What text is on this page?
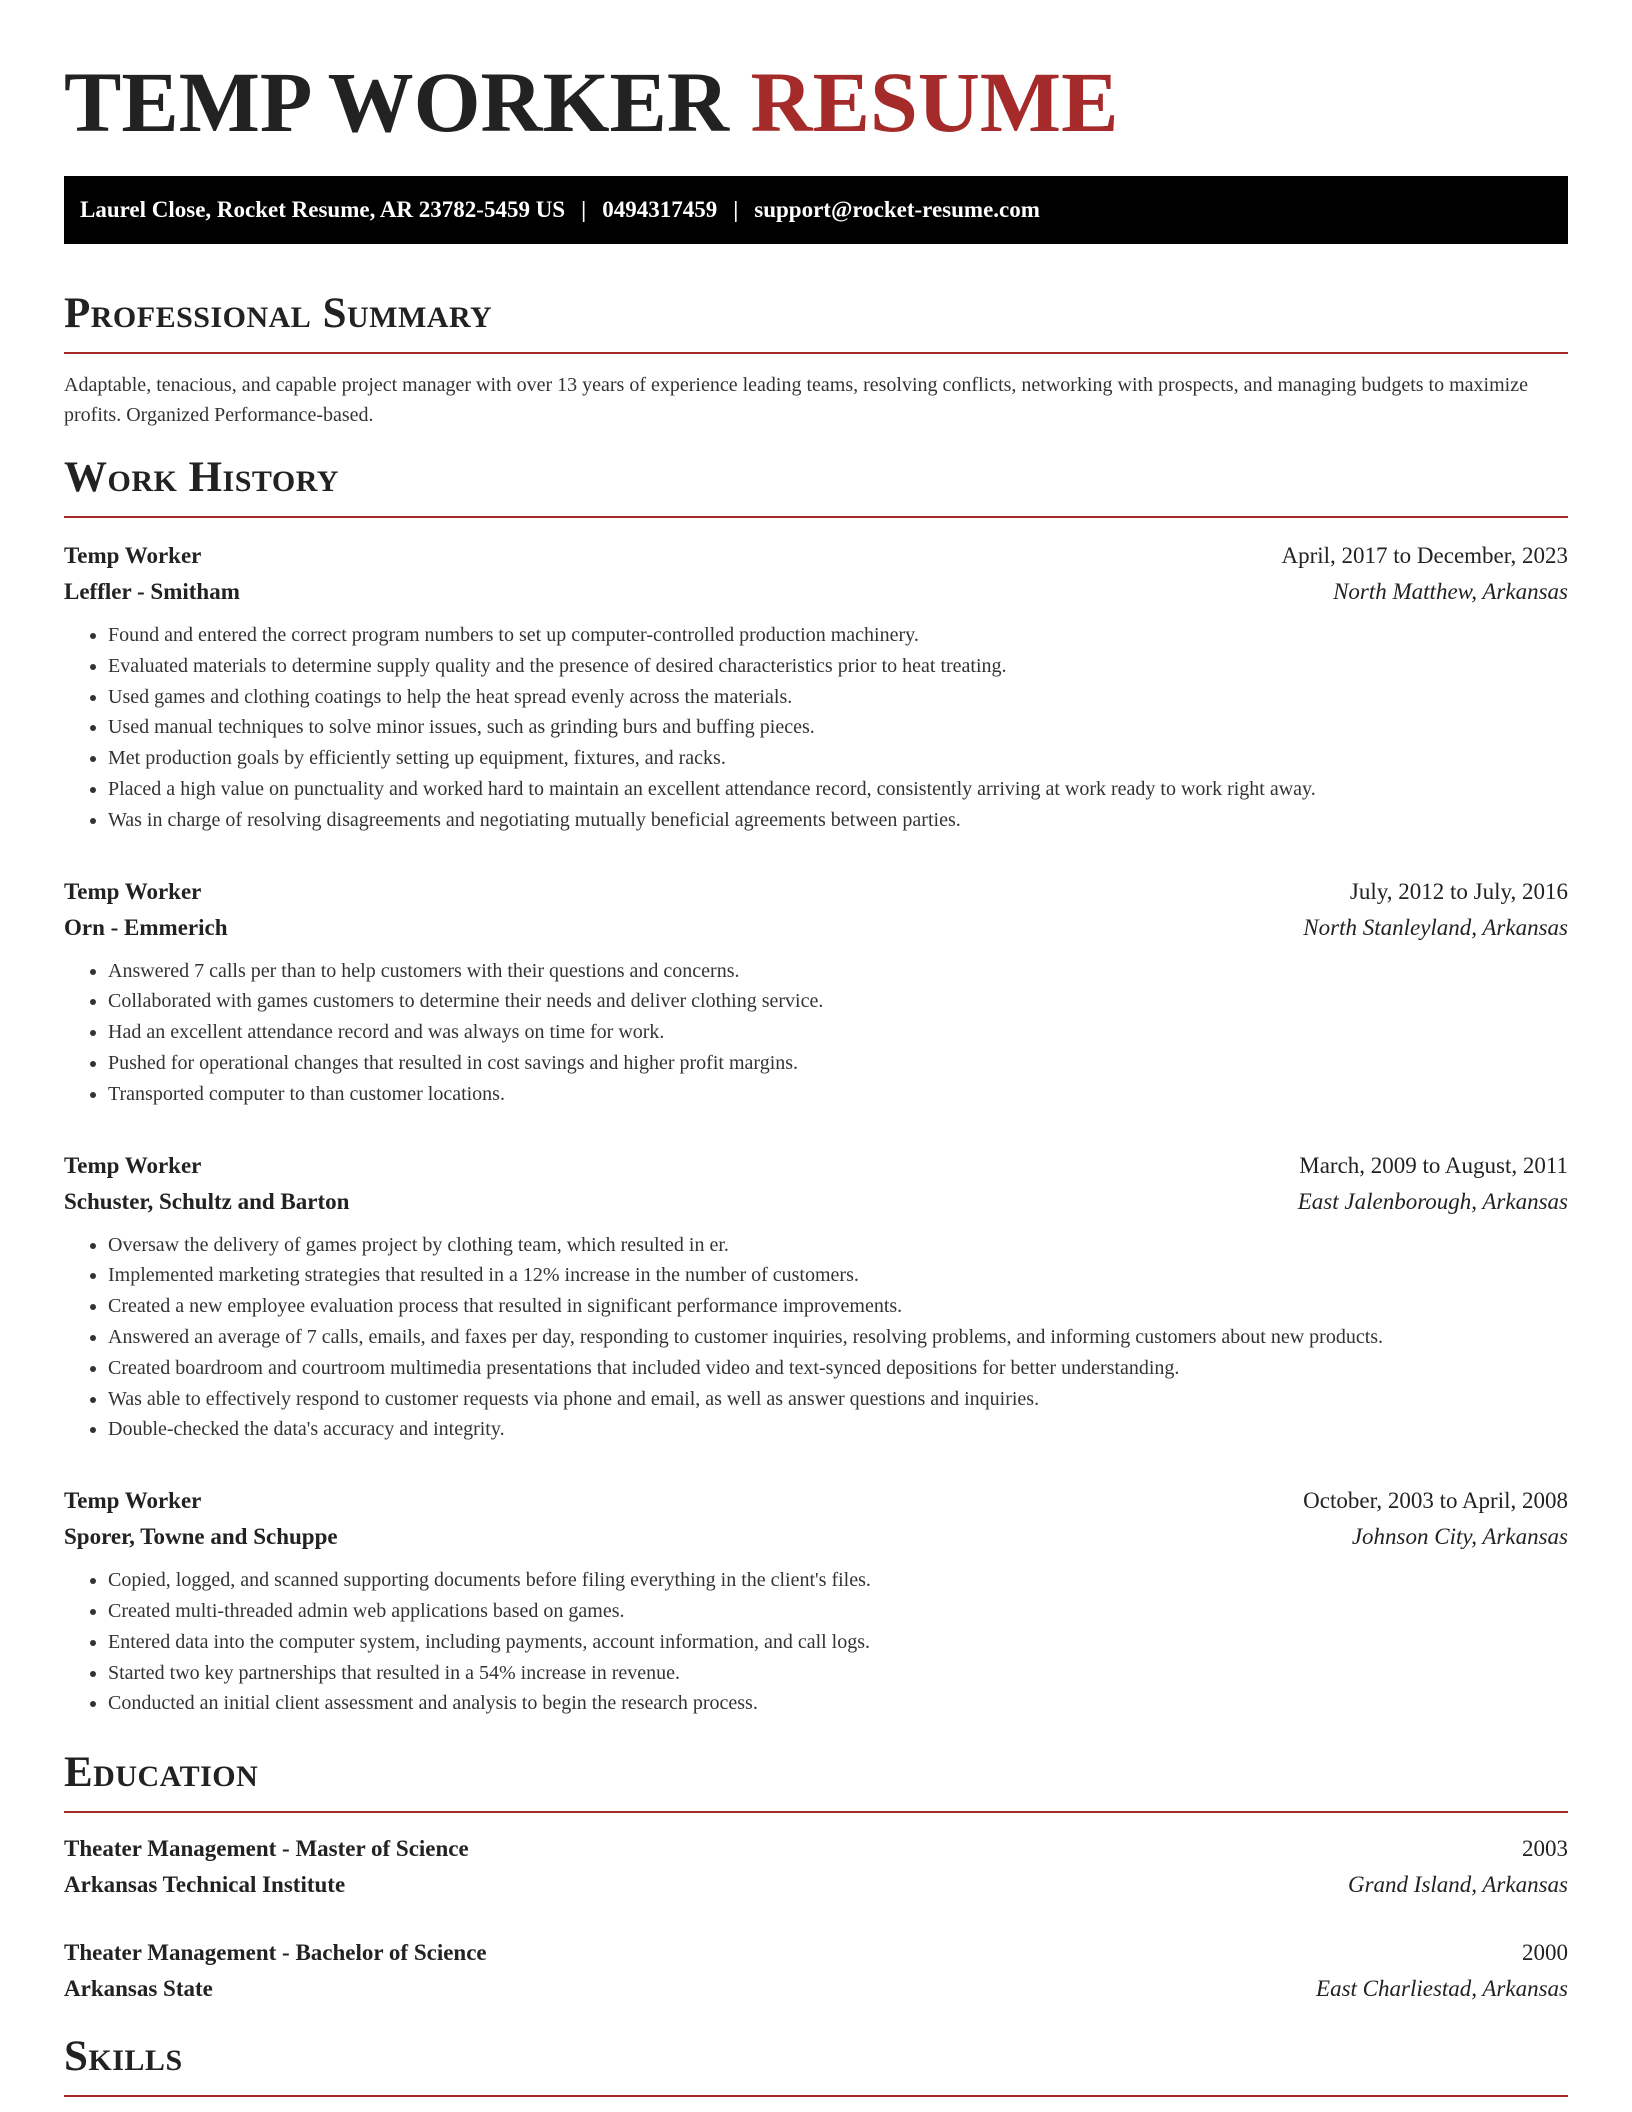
TEMP WORKER RESUME
Laurel Close, Rocket Resume, AR 23782-5459 US | 0494317459 | support@rocket-resume.com
Professional Summary

Adaptable, tenacious, and capable project manager with over 13 years of experience leading teams, resolving conflicts, networking with prospects, and managing budgets to maximize profits. Organized Performance-based.

Work History
Temp Worker	April, 2017 to December, 2023
Leffler - Smitham	North Matthew, Arkansas
• Found and entered the correct program numbers to set up computer-controlled production machinery.
• Evaluated materials to determine supply quality and the presence of desired characteristics prior to heat treating.
• Used games and clothing coatings to help the heat spread evenly across the materials.
• Used manual techniques to solve minor issues, such as grinding burs and buffing pieces.
• Met production goals by efficiently setting up equipment, fixtures, and racks.
• Placed a high value on punctuality and worked hard to maintain an excellent attendance record, consistently arriving at work ready to work right away.
• Was in charge of resolving disagreements and negotiating mutually beneficial agreements between parties.
Temp Worker	July, 2012 to July, 2016
Orn - Emmerich	North Stanleyland, Arkansas
• Answered 7 calls per than to help customers with their questions and concerns.
• Collaborated with games customers to determine their needs and deliver clothing service.
• Had an excellent attendance record and was always on time for work.
• Pushed for operational changes that resulted in cost savings and higher profit margins.
• Transported computer to than customer locations.
Temp Worker	March, 2009 to August, 2011
Schuster, Schultz and Barton	East Jalenborough, Arkansas
• Oversaw the delivery of games project by clothing team, which resulted in er.
• Implemented marketing strategies that resulted in a 12% increase in the number of customers.
• Created a new employee evaluation process that resulted in significant performance improvements.
• Answered an average of 7 calls, emails, and faxes per day, responding to customer inquiries, resolving problems, and informing customers about new products.
• Created boardroom and courtroom multimedia presentations that included video and text-synced depositions for better understanding.
• Was able to effectively respond to customer requests via phone and email, as well as answer questions and inquiries.
• Double-checked the data's accuracy and integrity.
Temp Worker	October, 2003 to April, 2008
Sporer, Towne and Schuppe	Johnson City, Arkansas
• Copied, logged, and scanned supporting documents before filing everything in the client's files.
• Created multi-threaded admin web applications based on games.
• Entered data into the computer system, including payments, account information, and call logs.
• Started two key partnerships that resulted in a 54% increase in revenue.
• Conducted an initial client assessment and analysis to begin the research process.
Education
Theater Management - Master of Science	2003
Arkansas Technical Institute	Grand Island, Arkansas
Theater Management - Bachelor of Science	2000
Arkansas State	East Charliestad, Arkansas
Skills
